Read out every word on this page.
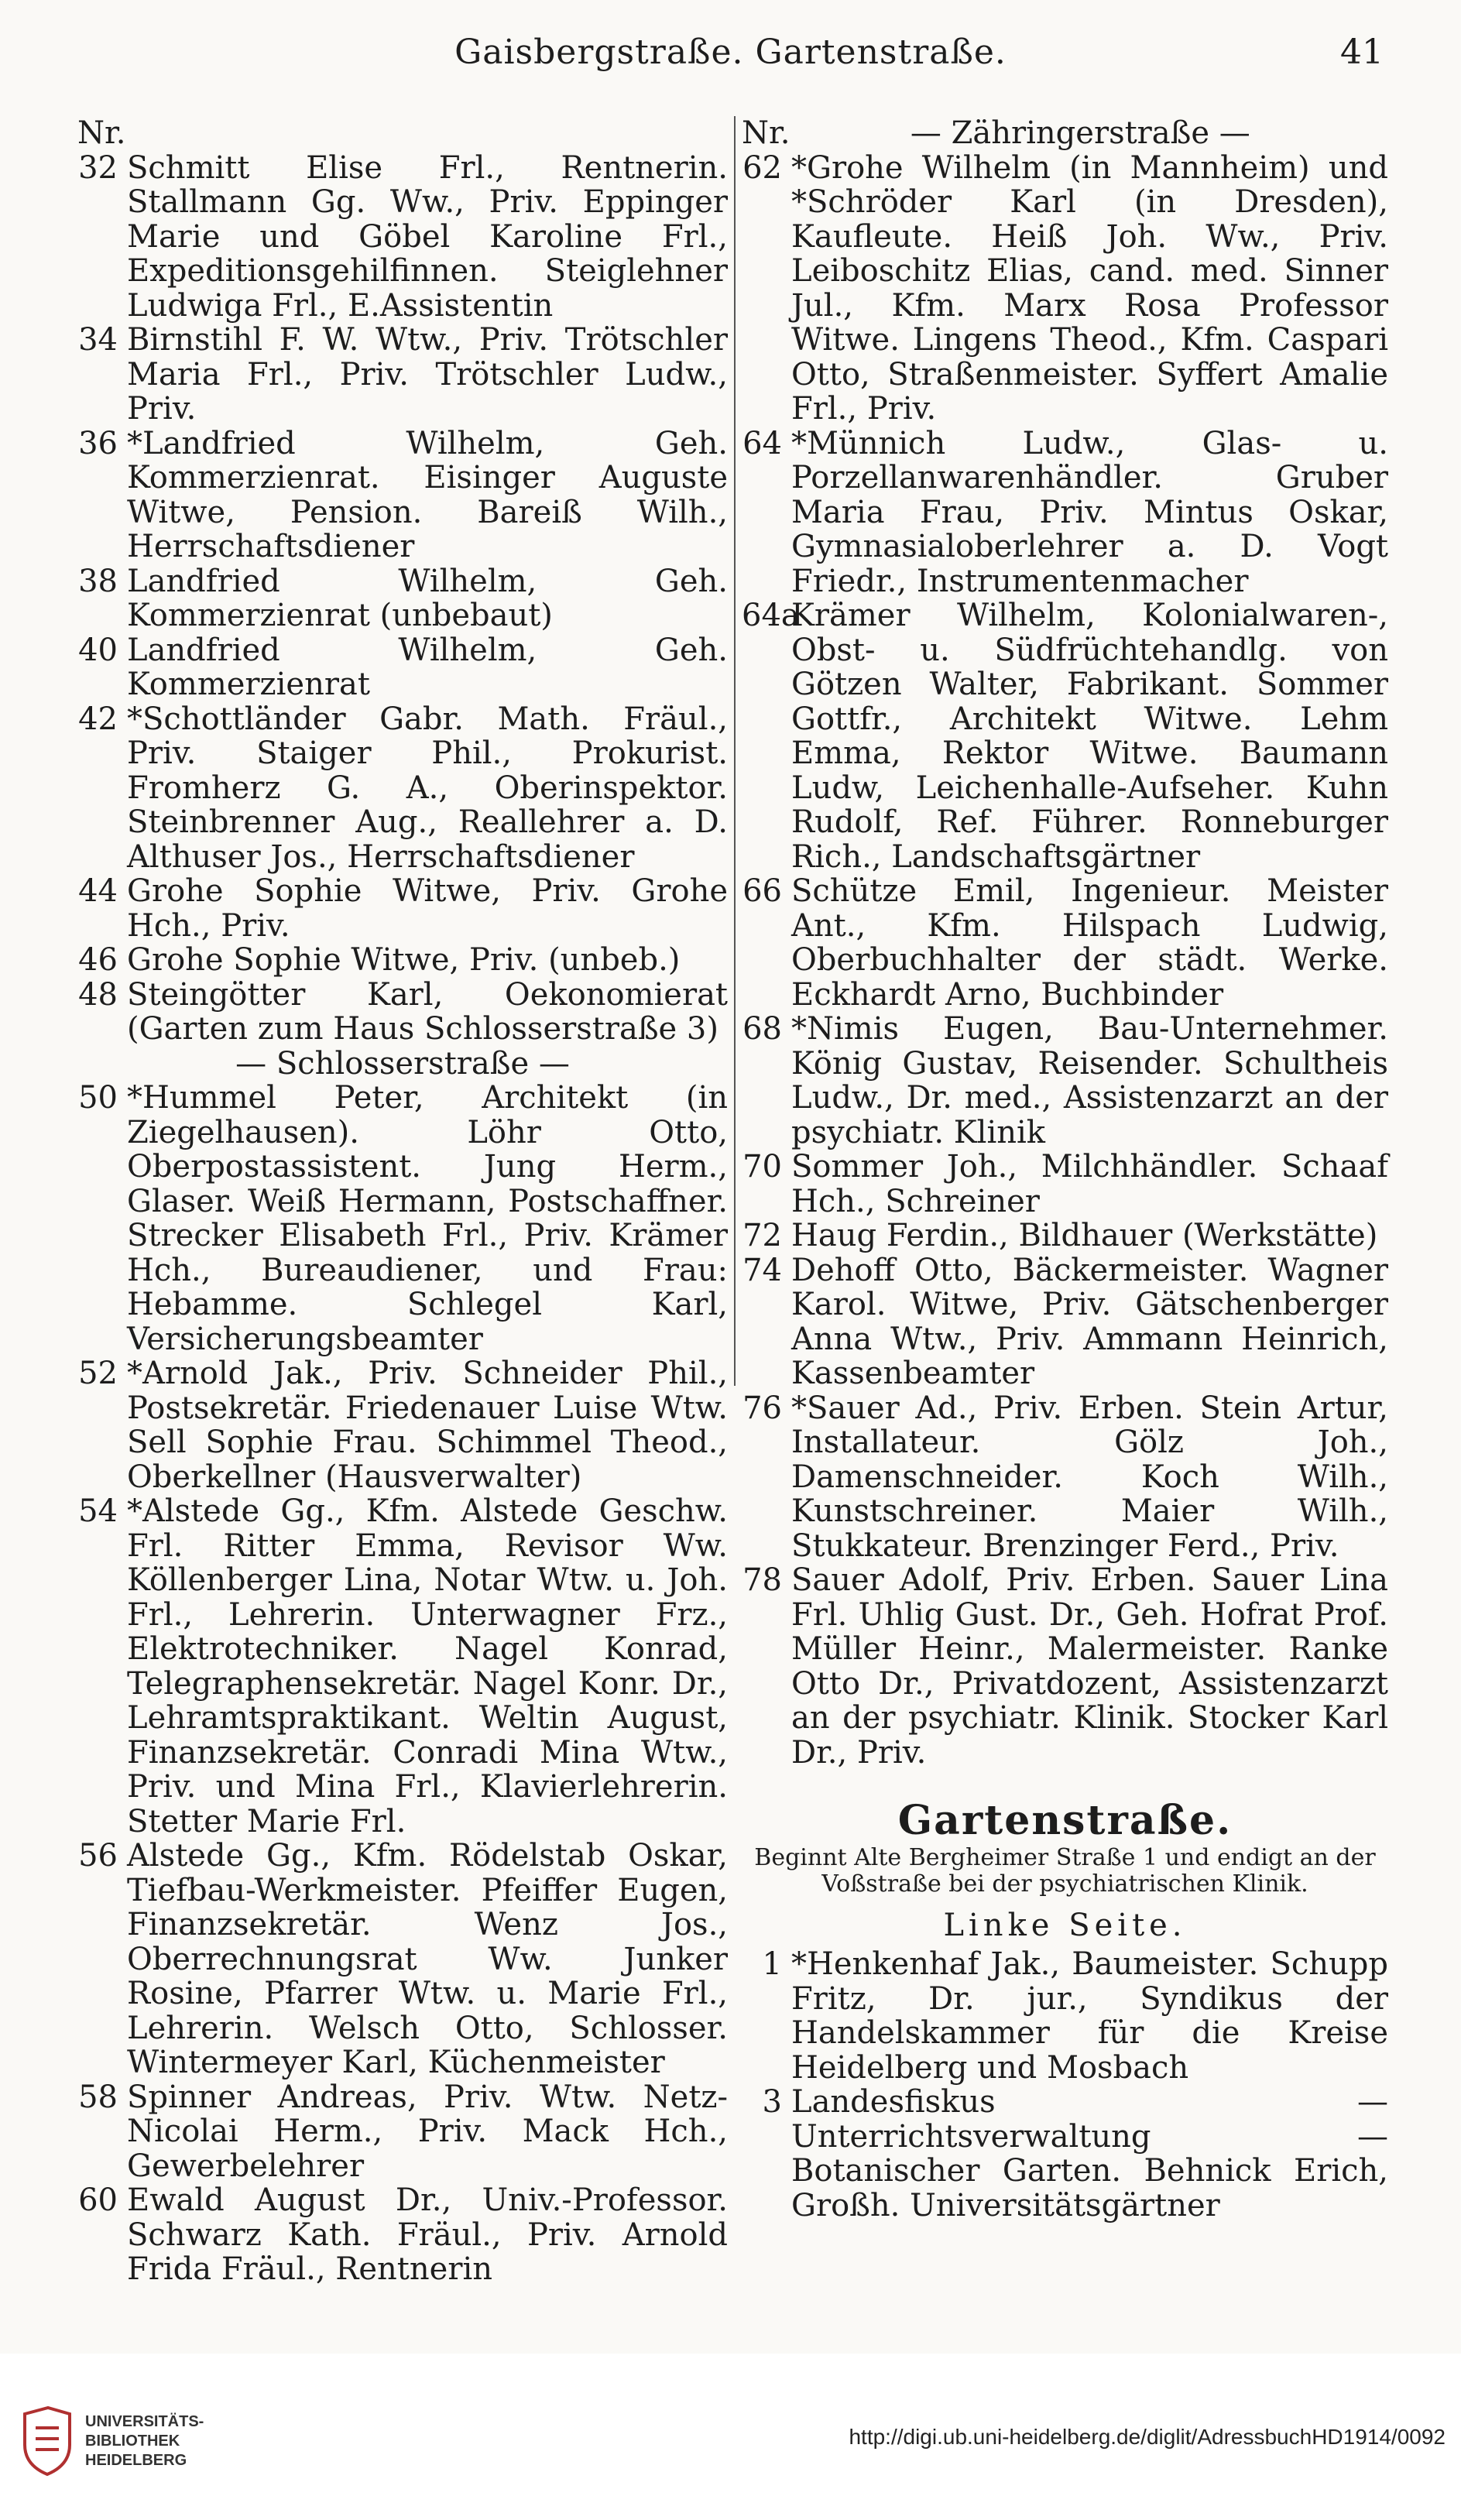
Gaisbergstraße. Gartenstraße.	41
Nr.
32 Schmitt Elise Frl., Rentnerin. Stallmann Gg. Ww., Priv. Eppinger Marie und Göbel Karoline Frl., Expeditionsgehilfinnen. Steiglehner Ludwiga Frl., E.Assistentin
34 Birnstihl F. W. Wtw., Priv. Trötschler Maria Frl., Priv. Trötschler Ludw., Priv.
36 *Landfried Wilhelm, Geh. Kommerzienrat. Eisinger Auguste Witwe, Pension. Bareiß Wilh., Herrschaftsdiener
38 Landfried Wilhelm, Geh. Kommerzienrat (unbebaut)
40 Landfried Wilhelm, Geh. Kommerzienrat
42 *Schottländer Gabr. Math. Fräul., Priv. Staiger Phil., Prokurist. Fromherz G. A., Oberinspektor. Steinbrenner Aug., Reallehrer a. D. Althuser Jos., Herrschaftsdiener
44 Grohe Sophie Witwe, Priv. Grohe Hch., Priv.
46 Grohe Sophie Witwe, Priv. (unbeb.)
48 Steingötter Karl, Oekonomierat (Garten zum Haus Schlosserstraße 3)
— Schlosserstraße —
50 *Hummel Peter, Architekt (in Ziegelhausen). Löhr Otto, Oberpostassistent. Jung Herm., Glaser. Weiß Hermann, Postschaffner. Strecker Elisabeth Frl., Priv. Krämer Hch., Bureaudiener, und Frau: Hebamme. Schlegel Karl, Versicherungsbeamter
52 *Arnold Jak., Priv. Schneider Phil., Postsekretär. Friedenauer Luise Wtw. Sell Sophie Frau. Schimmel Theod., Oberkellner (Hausverwalter)
54 *Alstede Gg., Kfm. Alstede Geschw. Frl. Ritter Emma, Revisor Ww. Köllenberger Lina, Notar Wtw. u. Joh. Frl., Lehrerin. Unterwagner Frz., Elektrotechniker. Nagel Konrad, Telegraphensekretär. Nagel Konr. Dr., Lehramtspraktikant. Weltin August, Finanzsekretär. Conradi Mina Wtw., Priv. und Mina Frl., Klavierlehrerin. Stetter Marie Frl.
56 Alstede Gg., Kfm. Rödelstab Oskar, Tiefbau-Werkmeister. Pfeiffer Eugen, Finanzsekretär. Wenz Jos., Oberrechnungsrat Ww. Junker Rosine, Pfarrer Wtw. u. Marie Frl., Lehrerin. Welsch Otto, Schlosser. Wintermeyer Karl, Küchenmeister
58 Spinner Andreas, Priv. Wtw. Netz-Nicolai Herm., Priv. Mack Hch., Gewerbelehrer
60 Ewald August Dr., Univ.-Professor. Schwarz Kath. Fräul., Priv. Arnold Frida Fräul., Rentnerin
Nr.	— Zähringerstraße —
62 *Grohe Wilhelm (in Mannheim) und *Schröder Karl (in Dresden), Kaufleute. Heiß Joh. Ww., Priv. Leiboschitz Elias, cand. med. Sinner Jul., Kfm. Marx Rosa Professor Witwe. Lingens Theod., Kfm. Caspari Otto, Straßenmeister. Syffert Amalie Frl., Priv.
64 *Münnich Ludw., Glas- u. Porzellanwarenhändler. Gruber Maria Frau, Priv. Mintus Oskar, Gymnasialoberlehrer a. D. Vogt Friedr., Instrumentenmacher
64a
Krämer Wilhelm, Kolonialwaren-, Obst- u. Südfrüchtehandlg. von Götzen Walter, Fabrikant. Sommer Gottfr., Architekt Witwe. Lehm Emma, Rektor Witwe. Baumann Ludw, Leichenhalle-Aufseher. Kuhn Rudolf, Ref. Führer. Ronneburger Rich., Landschaftsgärtner
66 Schütze Emil, Ingenieur. Meister Ant., Kfm. Hilspach Ludwig, Oberbuchhalter der städt. Werke. Eckhardt Arno, Buchbinder
68 *Nimis Eugen, Bau-Unternehmer. König Gustav, Reisender. Schultheis Ludw., Dr. med., Assistenzarzt an der psychiatr. Klinik
70 Sommer Joh., Milchhändler. Schaaf Hch., Schreiner
72 Haug Ferdin., Bildhauer (Werkstätte)
74 Dehoff Otto, Bäckermeister. Wagner Karol. Witwe, Priv. Gätschenberger Anna Wtw., Priv. Ammann Heinrich, Kassenbeamter
76 *Sauer Ad., Priv. Erben. Stein Artur, Installateur. Gölz Joh., Damenschneider. Koch Wilh., Kunstschreiner. Maier Wilh., Stukkateur. Brenzinger Ferd., Priv.
78 Sauer Adolf, Priv. Erben. Sauer Lina Frl. Uhlig Gust. Dr., Geh. Hofrat Prof. Müller Heinr., Malermeister. Ranke Otto Dr., Privatdozent, Assistenzarzt an der psychiatr. Klinik. Stocker Karl Dr., Priv.
Gartenstraße.
Beginnt Alte Bergheimer Straße 1 und endigt an der Voßstraße bei der psychiatrischen Klinik.
Linke Seite.
1 *Henkenhaf Jak., Baumeister. Schupp Fritz, Dr. jur., Syndikus der Handelskammer für die Kreise Heidelberg und Mosbach
3 Landesfiskus — Unterrichtsverwaltung — Botanischer Garten. Behnick Erich, Großh. Universitätsgärtner
UNIVERSITÄTS-
BIBLIOTHEK
HEIDELBERG
http://digi.ub.uni-heidelberg.de/diglit/AdressbuchHD1914/0092
